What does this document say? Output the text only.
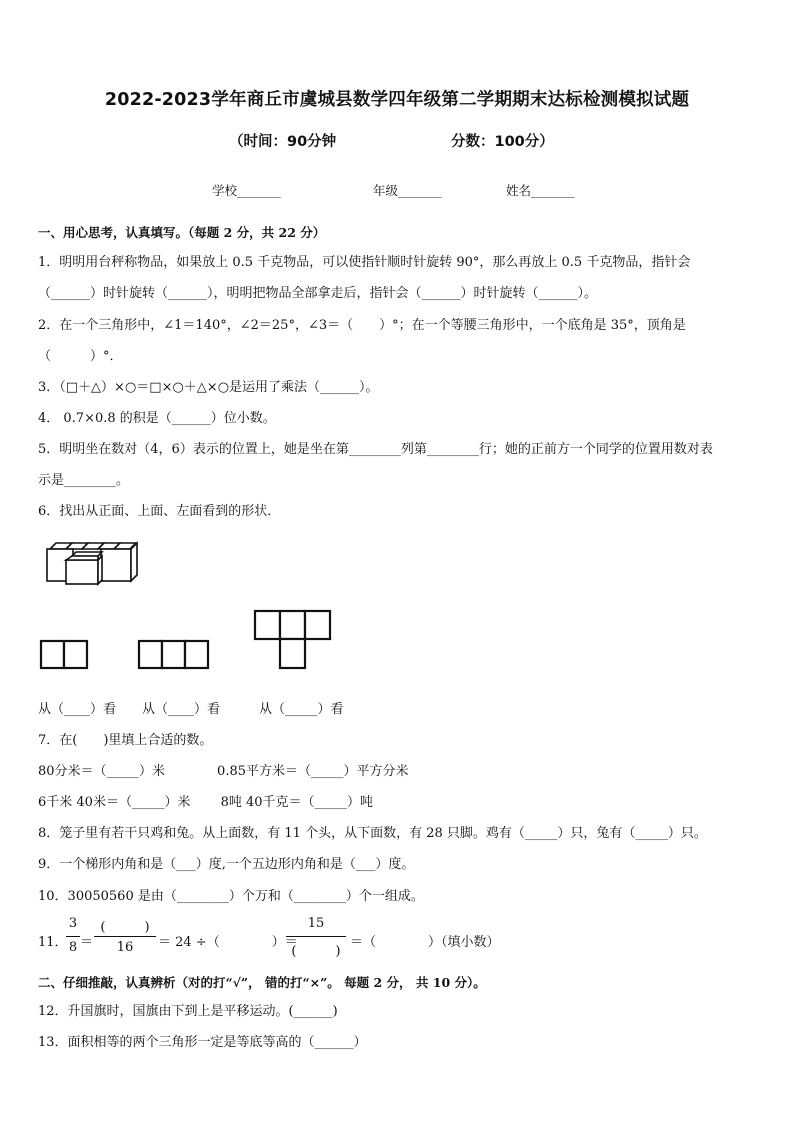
2022-2023学年商丘市虞城县数学四年级第二学期期末达标检测模拟试题
（时间：90分钟	分数：100分）
学校_______	年级_______	姓名_______
一、用心思考，认真填写。（每题 2 分，共 22 分）
1．明明用台秤称物品，如果放上 0.5 千克物品，可以使指针顺时针旋转 90°，那么再放上 0.5 千克物品，指针会
（______）时针旋转（______），明明把物品全部拿走后，指针会（______）时针旋转（______）。
2．在一个三角形中，∠1＝140°，∠2＝25°，∠3＝（　　）°；在一个等腰三角形中，一个底角是 35°，顶角是
（　　　）°．
3．（□＋△）×○＝□×○＋△×○是运用了乘法（______）。
4． 0.7×0.8 的积是（______）位小数。
5．明明坐在数对（4，6）表示的位置上，她是坐在第________列第________行；她的正前方一个同学的位置用数对表
示是________。
6．找出从正面、上面、左面看到的形状．
从（____）看　　从（____）看　　　从（_____）看
7．在(　　)里填上合适的数。
80分米＝（_____）米　　　　0.85平方米＝（_____）平方分米
6千米 40米＝（_____）米　　 8吨 40千克＝（_____）吨
8．笼子里有若干只鸡和兔。从上面数，有 11 个头，从下面数，有 28 只脚。鸡有（_____）只，兔有（_____）只。
9．一个梯形内角和是（___）度,一个五边形内角和是（___）度。
10．30050560 是由（________）个万和（________）个一组成。
11．
3
8 ＝
(　　　)
16	＝ 24 ÷（　　　　）＝
15
(　　　)
＝（　　　　）（填小数）
二、仔细推敲，认真辨析（对的打“√”， 错的打“×”。 每题 2 分， 共 10 分）。
12．升国旗时，国旗由下到上是平移运动。(______)
13．面积相等的两个三角形一定是等底等高的（______）
